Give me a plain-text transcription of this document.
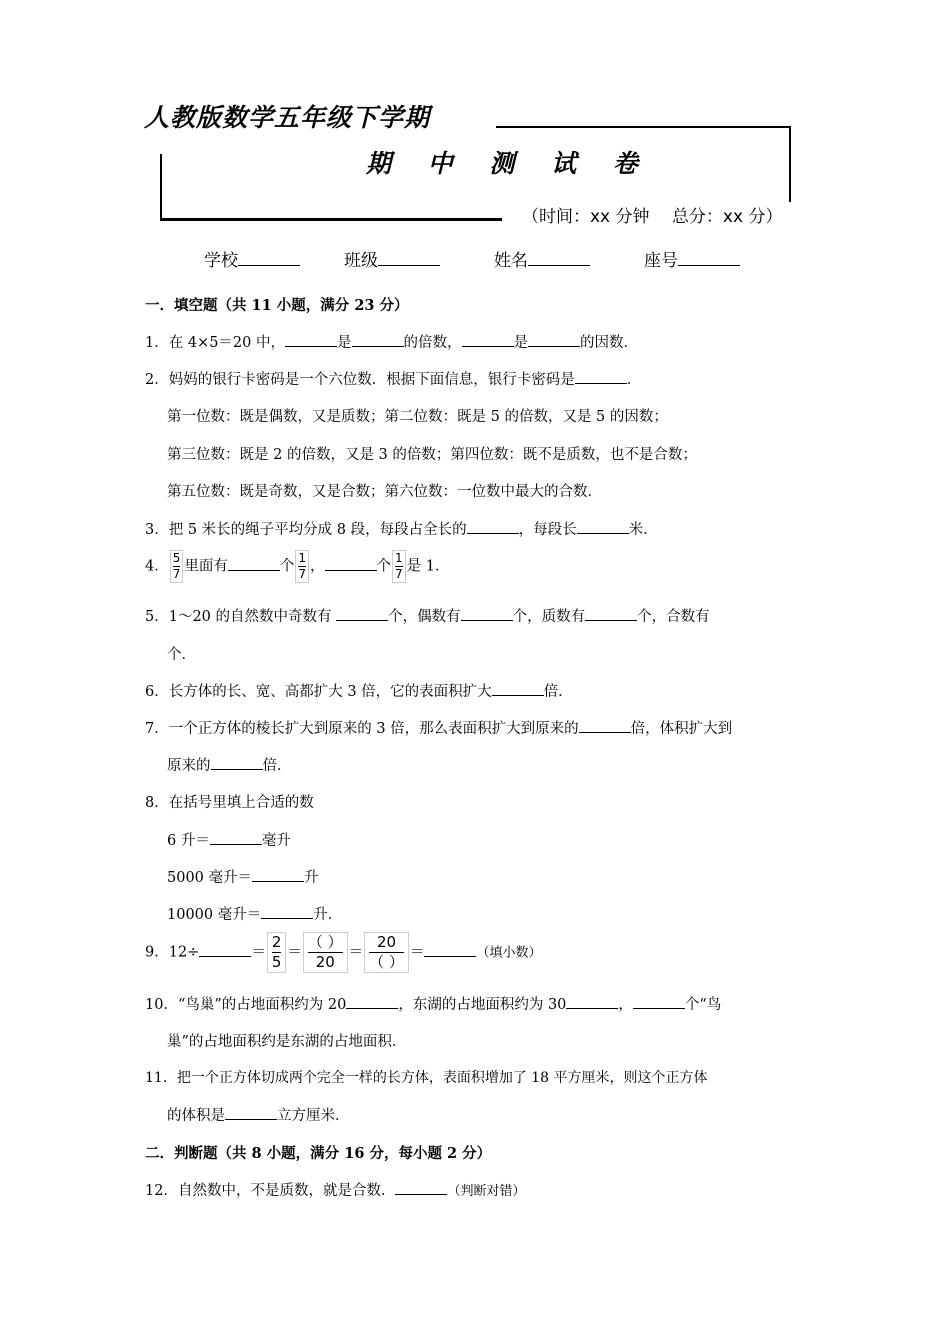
人教版数学五年级下学期
期 中 测 试 卷
（时间：xx 分钟　 总分：xx 分）
学校	班级	姓名	座号
一．填空题（共 11 小题，满分 23 分）
1．在 4×5＝20 中，	是	的倍数，	是	的因数．
2．妈妈的银行卡密码是一个六位数．根据下面信息，银行卡密码是	．
第一位数：既是偶数，又是质数；第二位数：既是 5 的倍数，又是 5 的因数；
第三位数：既是 2 的倍数，又是 3 的倍数；第四位数：既不是质数，也不是合数；
第五位数：既是奇数，又是合数；第六位数：一位数中最大的合数．
3．把 5 米长的绳子平均分成 8 段，每段占全长的	，每段长	米．
4． $\frac{5}{7}$ 里面有	个 $\frac{1}{7}$ ，	个 $\frac{1}{7}$ 是 1．
5．1～20 的自然数中奇数有	个，偶数有	个，质数有	个，合数有
个．
6．长方体的长、宽、高都扩大 3 倍，它的表面积扩大	倍．
7．一个正方体的棱长扩大到原来的 3 倍，那么表面积扩大到原来的	倍，体积扩大到
原来的	倍．
8．在括号里填上合适的数
6 升＝	毫升
5000 毫升＝	升
10000 毫升＝	升．
9．12÷	＝ $\frac{2}{5} = \frac{( )}{20} = \frac{20}{( )}$ ＝	（填小数）
10．“鸟巢”的占地面积约为 20	，东湖的占地面积约为 30	，	个“鸟
巢”的占地面积约是东湖的占地面积．
11．把一个正方体切成两个完全一样的长方体，表面积增加了 18 平方厘米，则这个正方体
的体积是	立方厘米．
二．判断题（共 8 小题，满分 16 分，每小题 2 分）
12．自然数中，不是质数，就是合数．	（判断对错）
